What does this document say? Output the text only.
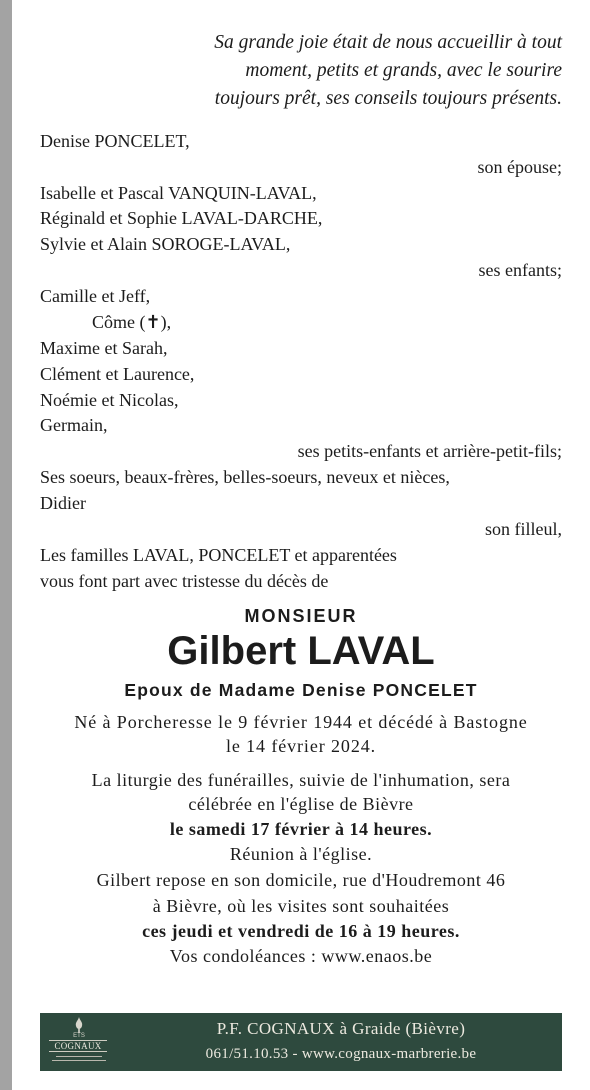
Sa grande joie était de nous accueillir à tout
moment, petits et grands, avec le sourire
toujours prêt, ses conseils toujours présents.
Denise PONCELET,
son épouse;
Isabelle et Pascal VANQUIN-LAVAL,
Réginald et Sophie LAVAL-DARCHE,
Sylvie et Alain SOROGE-LAVAL,
ses enfants;
Camille et Jeff,
Côme (✝),
Maxime et Sarah,
Clément et Laurence,
Noémie et Nicolas,
Germain,
ses petits-enfants et arrière-petit-fils;
Ses soeurs, beaux-frères, belles-soeurs, neveux et nièces,
Didier
son filleul,
Les familles LAVAL, PONCELET et apparentées
vous font part avec tristesse du décès de
MONSIEUR
Gilbert LAVAL
Epoux de Madame Denise PONCELET
Né à Porcheresse le 9 février 1944 et décédé à Bastogne
le 14 février 2024.
La liturgie des funérailles, suivie de l'inhumation, sera
célébrée en l'église de Bièvre
le samedi 17 février à 14 heures.
Réunion à l'église.
Gilbert repose en son domicile, rue d'Houdremont 46
à Bièvre, où les visites sont souhaitées
ces jeudi et vendredi de 16 à 19 heures.
Vos condoléances : www.enaos.be
ETS
COGNAUX
P.F. COGNAUX à Graide (Bièvre)
061/51.10.53 - www.cognaux-marbrerie.be
